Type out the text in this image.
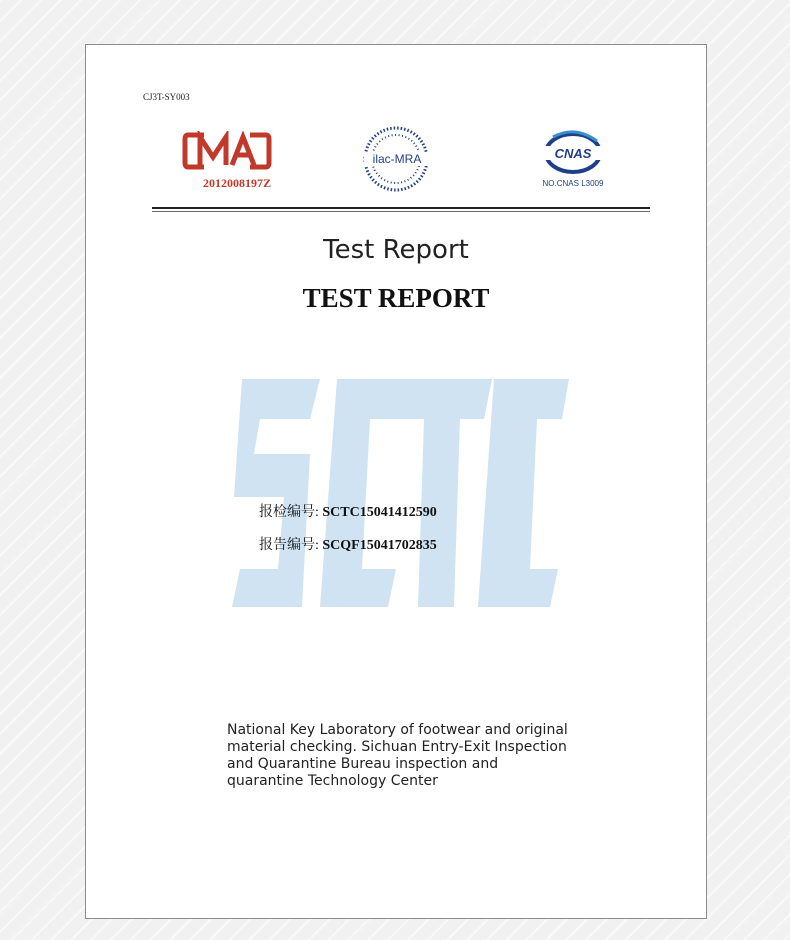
CJ3T-SY003
2012008197Z
ilac-MRA	CNAS
NO.CNAS L3009
Test Report
TEST REPORT
报检编号: SCTC15041412590
报告编号: SCQF15041702835
National Key Laboratory of footwear and original material checking. Sichuan Entry-Exit Inspection and Quarantine Bureau inspection and quarantine Technology Center
